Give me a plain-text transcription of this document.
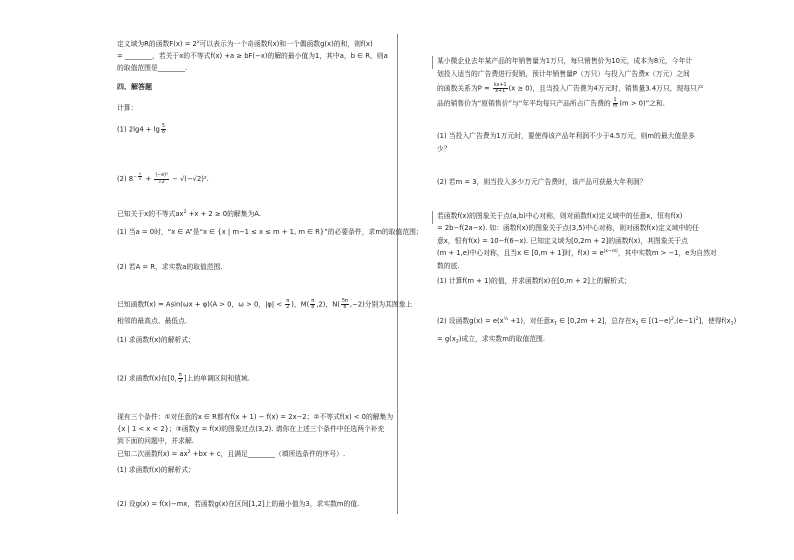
定义域为R的函数$F(x) = 2^x$可以表示为一个奇函数f(x)和一个偶函数g(x)的和，则f(x)
= ________，若关于x的不等式f(x) +a ≥ bF(−x)的解的最小值为1，其中a，b ∈ R，则a
的取值范围是________.
四、解答题
计算：
(1) $2\lg 4 + \lg \frac{5}{8}$
(2) $8^{- \frac{2}{3}} + \frac{\text{(−e)⁰}}{√2} - √(-√2)^2$.
已知关于x的不等式$ax^2 +x + 2 \ge 0$的解集为A.
(1) 当a = 0时，“x ∈ A”是“x ∈ {x | m−1 ≤ x ≤ m + 1, m ∈ R}”的必要条件，求m的取值范围；
(2) 若A = R，求实数a的取值范围.
已知函数f(x) = Asin(ωx + φ)(A > 0，ω > 0，$|\varphi| < \frac{\pi}{2}$ )，$M( \frac{\pi}{8} ,2)$，$N( \frac{5\pi}{8} ,-2)$分别为其图象上
相邻的最高点、最低点.
(1) 求函数f(x)的解析式；
(2) 求函数f(x)在[0, $\frac{\pi}{2}$ ]上的单调区间和值域.
现有三个条件：①对任意的x ∈ R都有f(x + 1) − f(x) = 2x−2；②不等式f(x) < 0的解集为
{x | 1 < x < 2}；③函数y = f(x)的图象过点(3,2). 请你在上述三个条件中任选两个补充
到下面的问题中，并求解.
已知二次函数$f(x) = ax^2 +bx + c$，且满足________（填所选条件的序号）.
(1) 求函数f(x)的解析式；
(2) 设g(x) = f(x)−mx，若函数g(x)在区间[1,2]上的最小值为3，求实数m的值.
某小微企业去年某产品的年销售量为1万只，每只销售价为10元，成本为8元，今年计
划投入适当的广告费进行促销，预计年销售量P（万只）与投入广告费x（万元）之间
的函数关系为$P = \frac{kx+1}{x+1} (x \ge 0)$，且当投入广告费为4万元时，销售量3.4万只，现每只产
品的销售价为“原销售价”与“年平均每只产品所占广告费的 $\frac{1}{m} (m > 0)$”之和.
(1) 当投入广告费为1万元时，要使得该产品年利润不少于4.5万元，则m的最大值是多
少？
(2) 若m = 3，则当投入多少万元广告费时，该产品可获最大年利润？
若函数f(x)的图象关于点(a,b)中心对称，则对函数f(x)定义域中的任意x，恒有f(x)
= 2b−f(2a−x). 如：函数f(x)的图象关于点(3,5)中心对称，则对函数f(x)定义域中的任
意x，恒有f(x) = 10−f(6−x). 已知定义域为[0,2m + 2]的函数f(x)，其图象关于点
(m + 1,e)中心对称，且当x ∈ [0,m + 1]时，$f(x) = e^{|x-m|}$，其中实数m > −1，e为自然对
数的底.
(1) 计算f(m + 1)的值，并求函数f(x)在[0,m + 2]上的解析式；
(2) 设函数$g(x) = e(x^{\frac{1}{2}} +1)$，对任意$x_1$ ∈ [0,2m + 2]，总存在$x_2$ ∈ $[(1-e)^2,(e-1)^2]$，使得$f(x_1)$
= $g(x_2)$成立，求实数m的取值范围.
